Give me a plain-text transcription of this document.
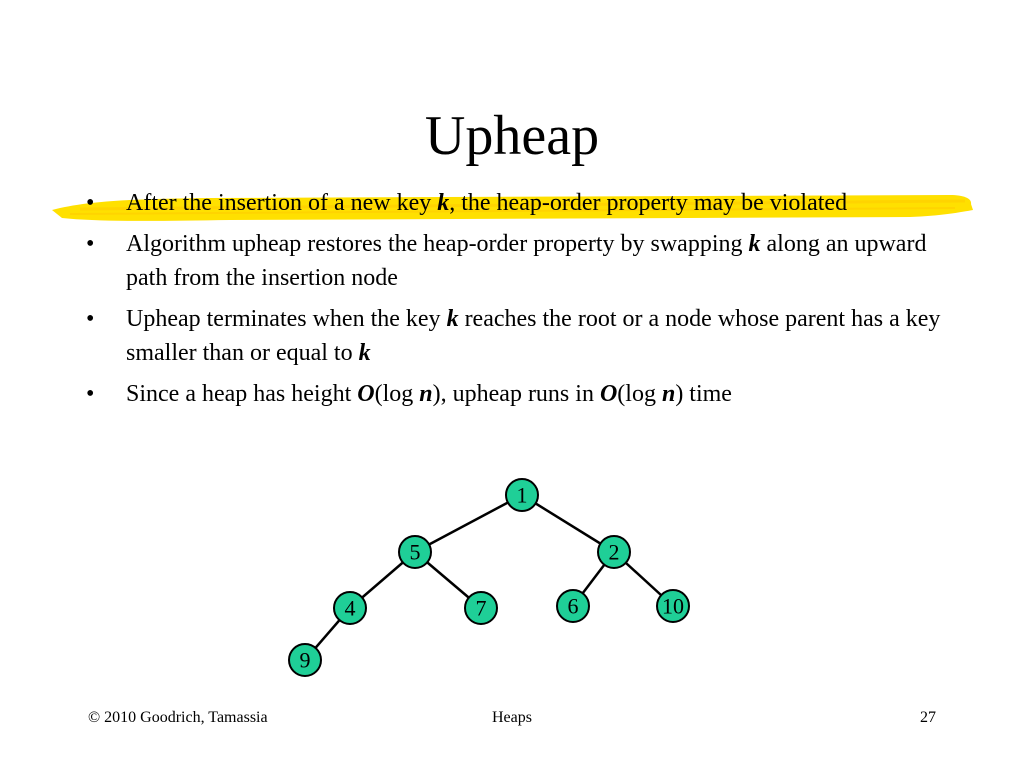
Upheap
• After the insertion of a new key k, the heap-order property may be violated
• Algorithm upheap restores the heap-order property by swapping k along an upward path from the insertion node
• Upheap terminates when the key k reaches the root or a node whose parent has a key smaller than or equal to k
• Since a heap has height O(log n), upheap runs in O(log n) time
1
5	2
4	7	6	10
9
© 2010 Goodrich, Tamassia	Heaps	27
